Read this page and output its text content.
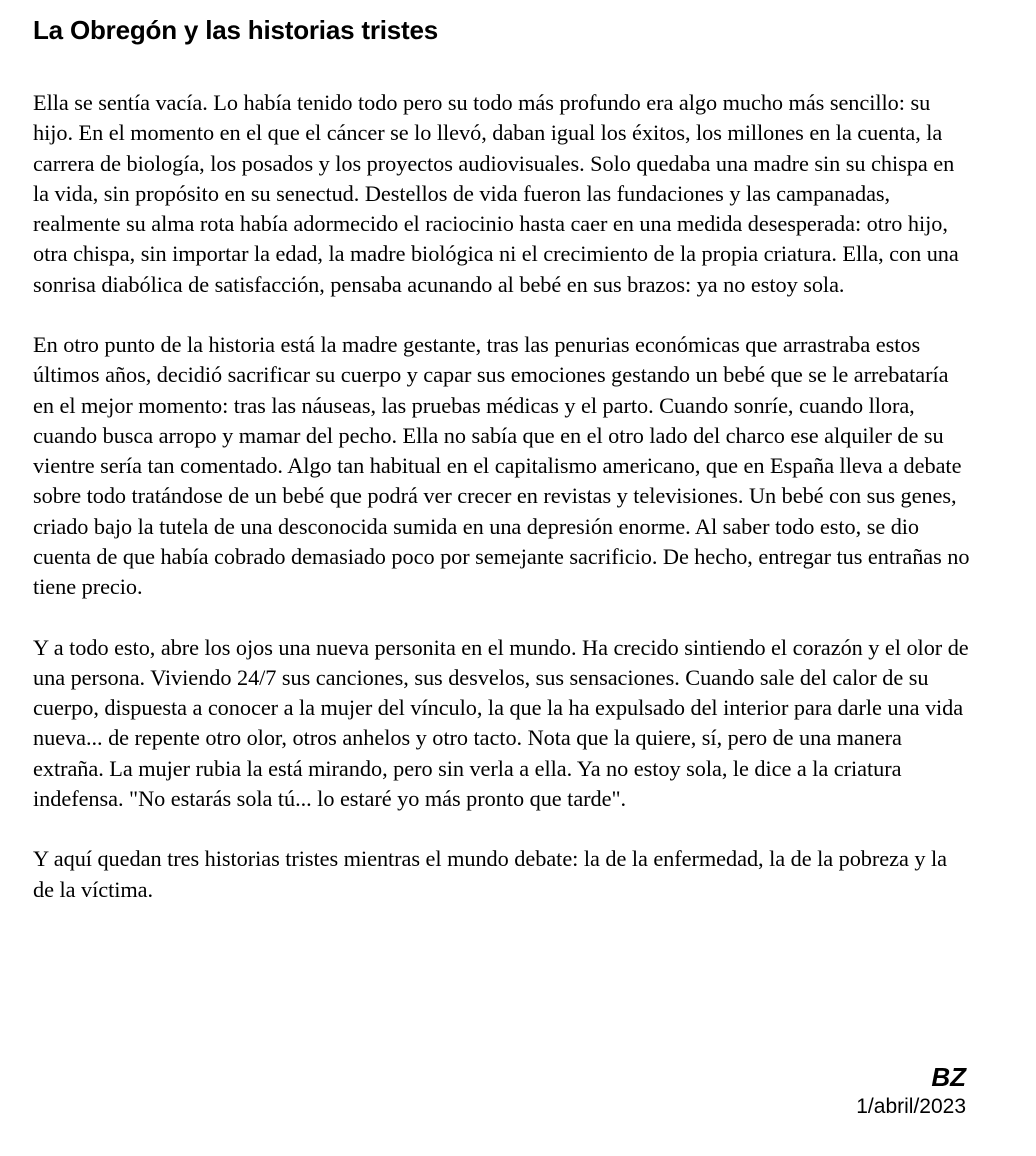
La Obregón y las historias tristes

Ella se sentía vacía. Lo había tenido todo pero su todo más profundo era algo mucho más sencillo: su hijo. En el momento en el que el cáncer se lo llevó, daban igual los éxitos, los millones en la cuenta, la carrera de biología, los posados y los proyectos audiovisuales. Solo quedaba una madre sin su chispa en la vida, sin propósito en su senectud. Destellos de vida fueron las fundaciones y las campanadas, realmente su alma rota había adormecido el raciocinio hasta caer en una medida desesperada: otro hijo, otra chispa, sin importar la edad, la madre biológica ni el crecimiento de la propia criatura. Ella, con una sonrisa diabólica de satisfacción, pensaba acunando al bebé en sus brazos: ya no estoy sola.

En otro punto de la historia está la madre gestante, tras las penurias económicas que arrastraba estos últimos años, decidió sacrificar su cuerpo y capar sus emociones gestando un bebé que se le arrebataría en el mejor momento: tras las náuseas, las pruebas médicas y el parto. Cuando sonríe, cuando llora, cuando busca arropo y mamar del pecho. Ella no sabía que en el otro lado del charco ese alquiler de su vientre sería tan comentado. Algo tan habitual en el capitalismo americano, que en España lleva a debate sobre todo tratándose de un bebé que podrá ver crecer en revistas y televisiones. Un bebé con sus genes, criado bajo la tutela de una desconocida sumida en una depresión enorme. Al saber todo esto, se dio cuenta de que había cobrado demasiado poco por semejante sacrificio. De hecho, entregar tus entrañas no tiene precio.

Y a todo esto, abre los ojos una nueva personita en el mundo. Ha crecido sintiendo el corazón y el olor de una persona. Viviendo 24/7 sus canciones, sus desvelos, sus sensaciones. Cuando sale del calor de su cuerpo, dispuesta a conocer a la mujer del vínculo, la que la ha expulsado del interior para darle una vida nueva... de repente otro olor, otros anhelos y otro tacto. Nota que la quiere, sí, pero de una manera extraña. La mujer rubia la está mirando, pero sin verla a ella. Ya no estoy sola, le dice a la criatura indefensa. "No estarás sola tú... lo estaré yo más pronto que tarde".

Y aquí quedan tres historias tristes mientras el mundo debate: la de la enfermedad, la de la pobreza y la de la víctima.

BZ
1/abril/2023
